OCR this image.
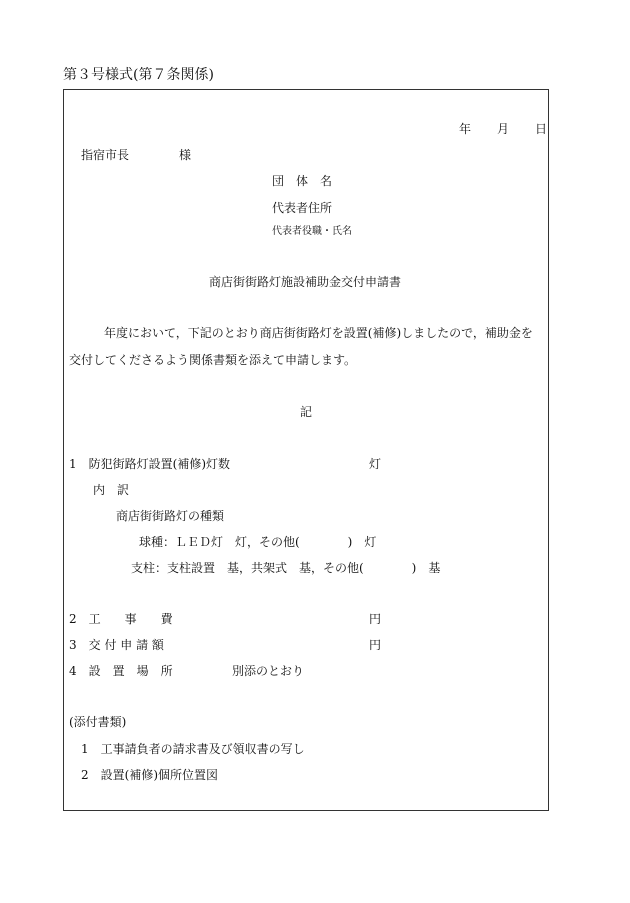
第３号様式(第７条関係)
年 月 日
指宿市長	様
団　体　名
代表者住所
代表者役職・氏名
商店街街路灯施設補助金交付申請書
年度において，下記のとおり商店街街路灯を設置(補修)しましたので，補助金を
交付してくださるよう関係書類を添えて申請します。
記
1　防犯街路灯設置(補修)灯数	灯
内　訳
商店街街路灯の種類
球種：ＬＥＤ灯　灯，その他(　　　　)　灯
支柱：支柱設置　基，共架式　基，その他(　　　　)　基
2　工　　事　　費	円
3　交 付 申 請 額	円
4　設　置　場　所	別添のとおり
(添付書類)
1　工事請負者の請求書及び領収書の写し
2　設置(補修)個所位置図
